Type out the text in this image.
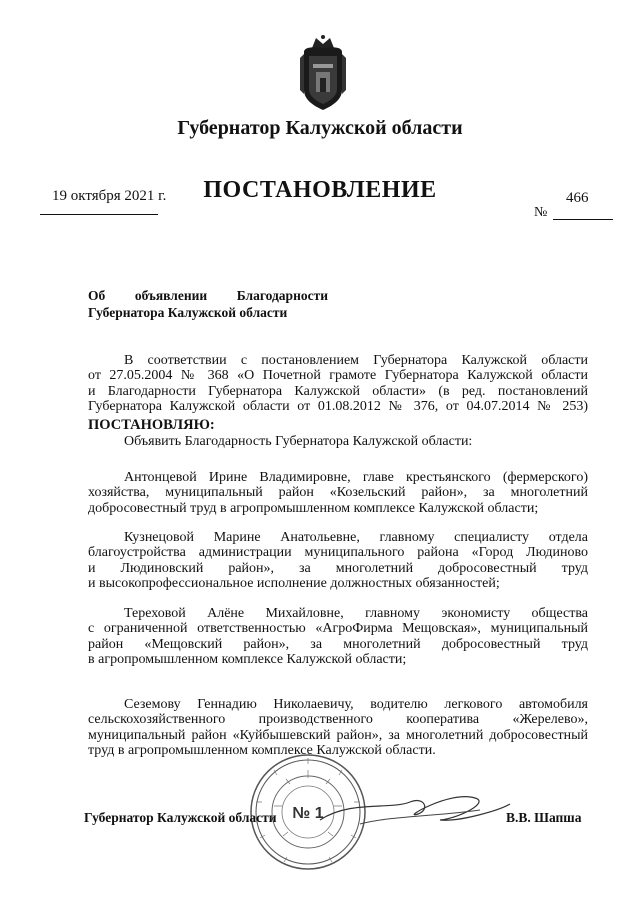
Губернатор Калужской области
19 октября 2021 г.	ПОСТАНОВЛЕНИЕ	466
№
Об объявлении Благодарности
Губернатора Калужской области
В соответствии с постановлением Губернатора Калужской области
от 27.05.2004 № 368 «О Почетной грамоте Губернатора Калужской области
и Благодарности Губернатора Калужской области» (в ред. постановлений
Губернатора Калужской области от 01.08.2012 № 376, от 04.07.2014 № 253)
ПОСТАНОВЛЯЮ:
Объявить Благодарность Губернатора Калужской области:
Антонцевой Ирине Владимировне, главе крестьянского (фермерского)
хозяйства, муниципальный район «Козельский район», за многолетний
добросовестный труд в агропромышленном комплексе Калужской области;
Кузнецовой Марине Анатольевне, главному специалисту отдела
благоустройства администрации муниципального района «Город Людиново
и Людиновский район», за многолетний добросовестный труд
и высокопрофессиональное исполнение должностных обязанностей;
Тереховой Алёне Михайловне, главному экономисту общества
с ограниченной ответственностью «АгроФирма Мещовская», муниципальный
район «Мещовский район», за многолетний добросовестный труд
в агропромышленном комплексе Калужской области;
Сеземову Геннадию Николаевичу, водителю легкового автомобиля
сельскохозяйственного производственного кооператива «Жерелево»,
муниципальный район «Куйбышевский район», за многолетний добросовестный
труд в агропромышленном комплексе Калужской области.
№ 1
Губернатор Калужской области	В.В. Шапша
